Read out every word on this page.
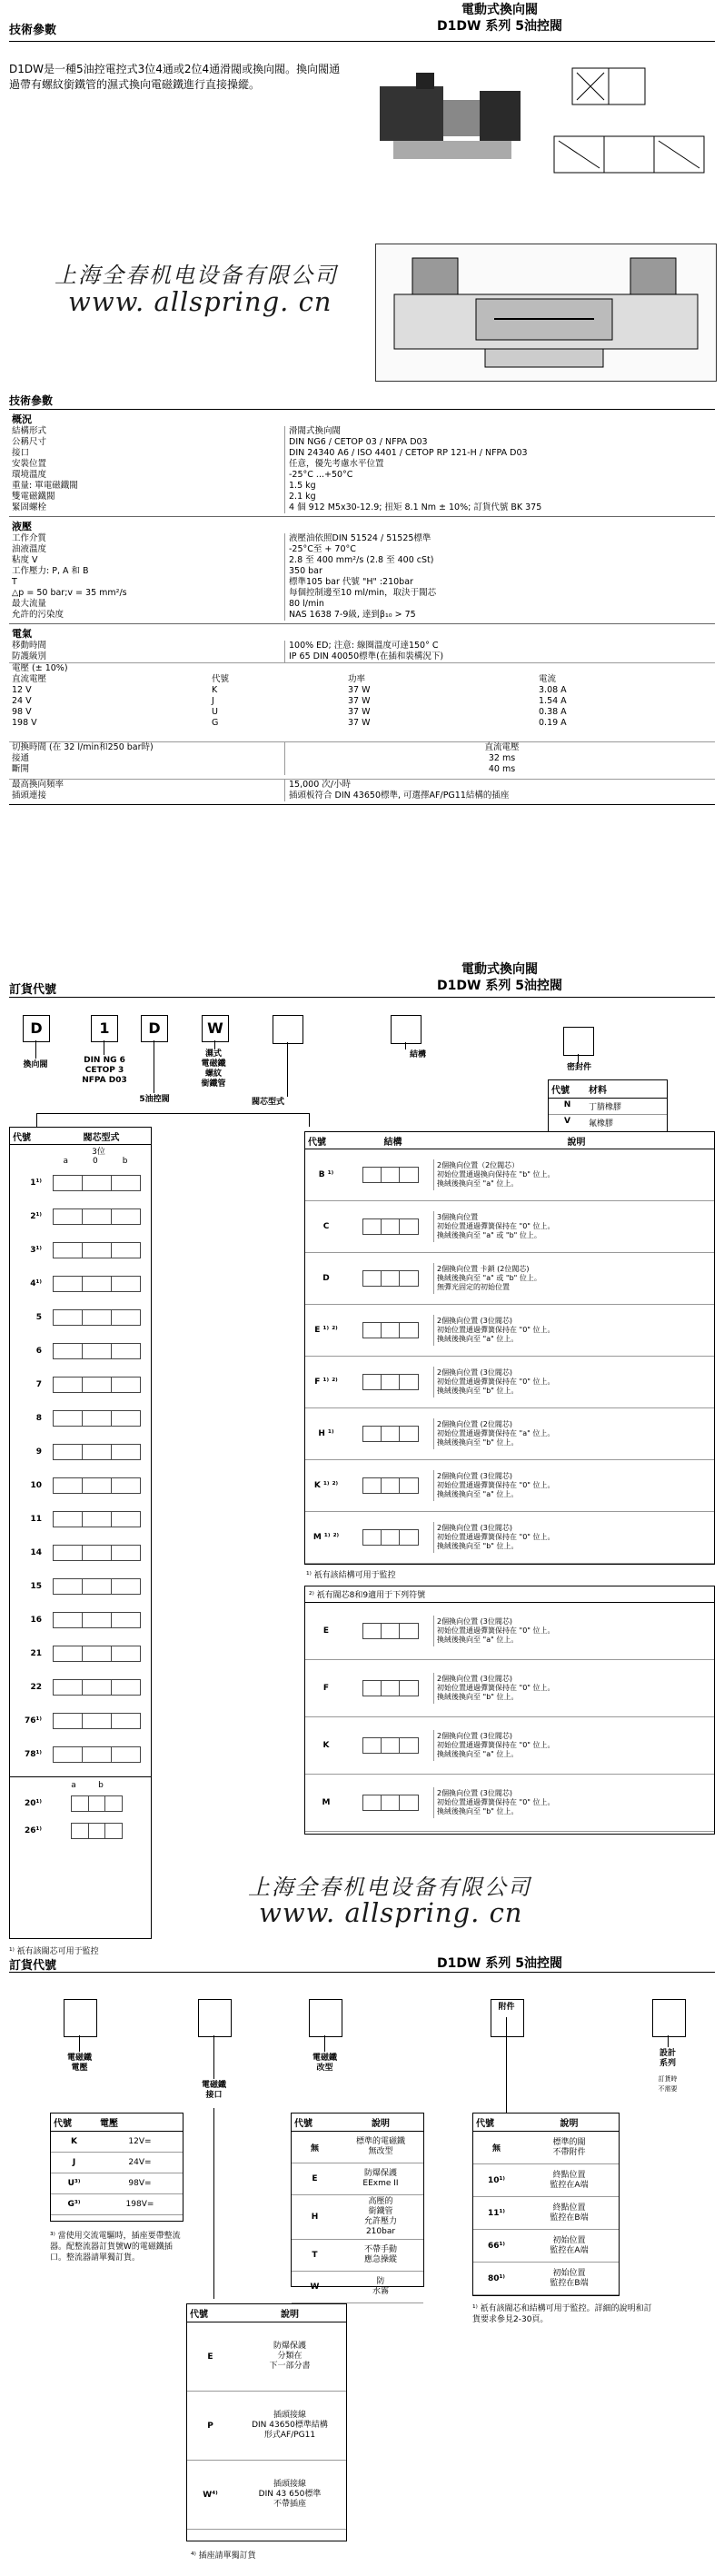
技術參數
電動式換向閥
D1DW 系列 5油控閥
D1DW是一種5油控電控式3位4通或2位4通滑閥或換向閥。換向閥通過帶有螺紋銜鐵管的濕式換向電磁鐵進行直接操縱。
上海全春机电设备有限公司
www. allspring. cn
技術參數
概況
結構形式	滑閥式換向閥
公稱尺寸	DIN NG6 / CETOP 03 / NFPA D03
接口	DIN 24340 A6 / ISO 4401 / CETOP RP 121-H / NFPA D03
安裝位置	任意，優先考慮水平位置
環境溫度	-25°C ...+50°C
重量: 單電磁鐵閥	1.5 kg
雙電磁鐵閥	2.1 kg
緊固螺栓	4 個 912 M5x30-12.9; 扭矩 8.1 Nm ± 10%; 訂貨代號 BK 375
液壓
工作介質	液壓油依照DIN 51524 / 51525標準
油液溫度	-25°C至 + 70°C
粘度 V	2.8 至 400 mm²/s (2.8 至 400 cSt)
工作壓力: P, A 和 B	350 bar
T	標準105 bar 代號 "H" :210bar
△p = 50 bar;v = 35 mm²/s	每個控制邊至10 ml/min，取決于閥芯
最大流量	80 l/min
允許的污染度	NAS 1638 7-9級, 達到β₁₀ > 75
電氣
移動時間	100% ED; 注意: 線圈溫度可達150° C
防護級別	IP 65 DIN 40050標準(在插和裝構況下)
電壓 (± 10%)
直流電壓	代號	功率	電流
12 V	K	37 W	3.08 A
24 V	J	37 W	1.54 A
98 V	U	37 W	0.38 A
198 V	G	37 W	0.19 A
切換時間 (在 32 l/min和250 bar時)	直流電壓
接通	32 ms
斷開	40 ms
最高換向頻率	15,000 次/小時
插頭連接	插頭板符合 DIN 43650標準, 可選擇AF/PG11結構的插座
電動式換向閥
D1DW 系列 5油控閥
訂貨代號
D	1	D	W
換向閥	DIN NG 6
CETOP 3
NFPA D03
5油控閥
濕式
電磁鐵
螺紋
銜鐵管
閥芯型式
結構
密封件
代號	材料
N	丁腈橡膠
V	氟橡膠
代號	閥芯型式
3位
a	0	b
1¹⁾
2¹⁾
3¹⁾
4¹⁾
5
6
7
8
9
10
11
14
15
16
21
22
76¹⁾
78¹⁾
a	b
20¹⁾
26¹⁾
¹⁾ 祇有該閥芯可用于監控
代號	結構	說明
B ¹⁾
2個換向位置（2位閥芯）
初始位置通過換向保持在 "b" 位上。
換絨後換向至 "a" 位上。
C
3個換向位置
初始位置通過彈簧保持在 "0" 位上。
換絨後換向至 "a" 或 "b" 位上。
D
2個換向位置 卡鎖 (2位閥芯)
換絨後換向至 "a" 或 "b" 位上。
無彈光固定的初始位置
E ¹⁾ ²⁾
2個換向位置 (3位閥芯)
初始位置通過彈簧保持在 "0" 位上。
換絨後換向至 "a" 位上。
F ¹⁾ ²⁾
2個換向位置 (3位閥芯)
初始位置通過彈簧保持在 "0" 位上。
換絨後換向至 "b" 位上。
H ¹⁾
2個換向位置 (2位閥芯)
初始位置通過彈簧保持在 "a" 位上。
換絨後換向至 "b" 位上。
K ¹⁾ ²⁾
2個換向位置 (3位閥芯)
初始位置通過彈簧保持在 "0" 位上。
換絨後換向至 "a" 位上。
M ¹⁾ ²⁾
2個換向位置 (3位閥芯)
初始位置通過彈簧保持在 "0" 位上。
換絨後換向至 "b" 位上。
¹⁾ 祇有該結構可用于監控
²⁾ 祇有閥芯8和9適用于下列符號
E
2個換向位置 (3位閥芯)
初始位置通過彈簧保持在 "0" 位上。
換絨後換向至 "a" 位上。
F
2個換向位置 (3位閥芯)
初始位置通過彈簧保持在 "0" 位上。
換絨後換向至 "b" 位上。
K
2個換向位置 (3位閥芯)
初始位置通過彈簧保持在 "0" 位上。
換絨後換向至 "a" 位上。
M
2個換向位置 (3位閥芯)
初始位置通過彈簧保持在 "0" 位上。
換絨後換向至 "b" 位上。
上海全春机电设备有限公司
www. allspring. cn
訂貨代號	D1DW 系列 5油控閥
電磁鐵
電壓
電磁鐵
接口
電磁鐵
改型
附件
設計
系列
訂貨時
不需要
代號	電壓
K	12V=
J	24V=
U³⁾	98V=
G³⁾	198V=
³⁾ 當使用交流電驅時，插座要帶整流器。配整流器訂貨號W的電磁鐵插口。整流器請單獨訂貨。
代號	說明
無
標準的電磁鐵
無改型
E
防爆保護
EExme II
H
高壓的
銜鐵管
允許壓力
210bar
T
不帶手動
應急操縱
W
防
水霧
代號	說明
無
標準的閥
不帶附件
10¹⁾
終點位置
監控在A端
11¹⁾
終點位置
監控在B端
66¹⁾
初始位置
監控在A端
80¹⁾
初始位置
監控在B端
¹⁾ 祇有該閥芯和結構可用于監控。詳細的說明和訂貨要求參見2-30頁。
代號	說明
E
防爆保護
分類在
下一部分書
P
插頭接線
DIN 43650標準結構
形式AF/PG11
W⁴⁾
插頭接線
DIN 43 650標準
不帶插座
⁴⁾ 插座請單獨訂貨
